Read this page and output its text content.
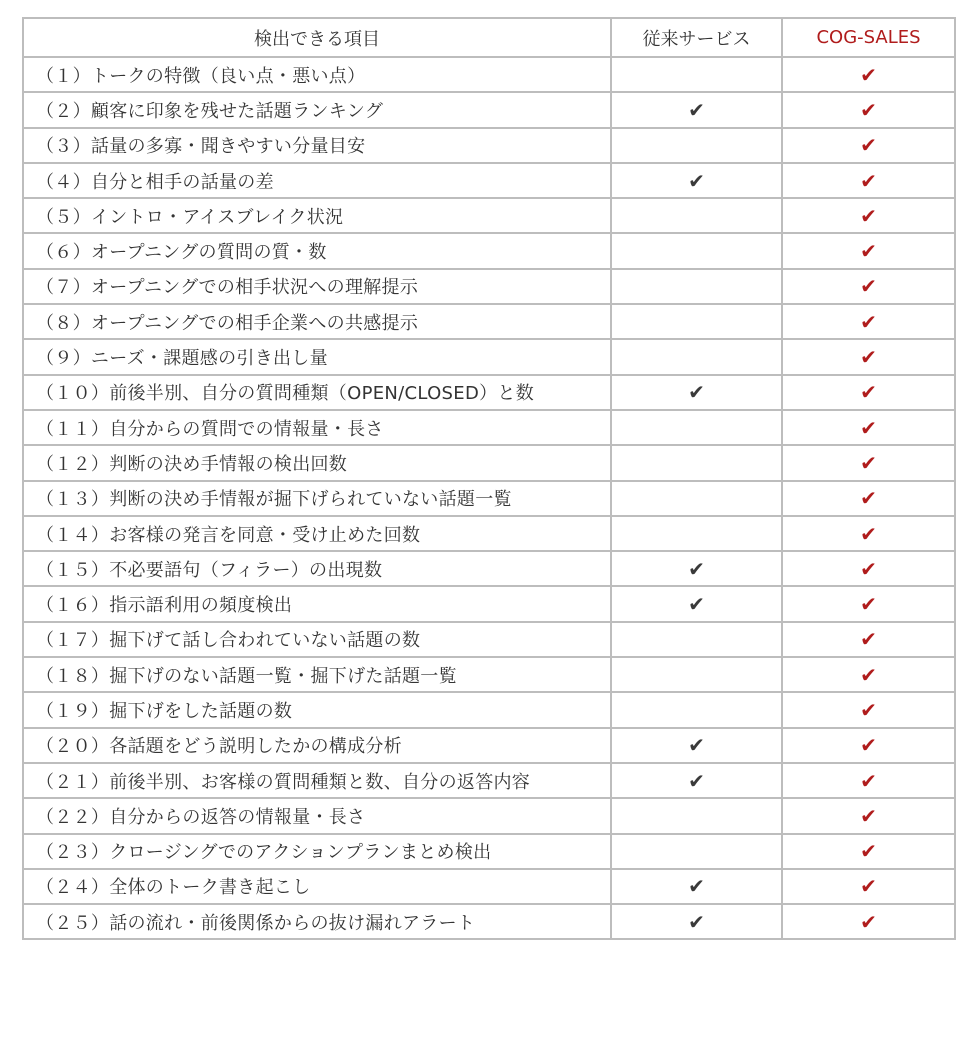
検出できる項目	従来サービス	COG-SALES
（１）トークの特徴（良い点・悪い点）		✔
（２）顧客に印象を残せた話題ランキング	✔	✔
（３）話量の多寡・聞きやすい分量目安		✔
（４）自分と相手の話量の差	✔	✔
（５）イントロ・アイスブレイク状況		✔
（６）オープニングの質問の質・数		✔
（７）オープニングでの相手状況への理解提示		✔
（８）オープニングでの相手企業への共感提示		✔
（９）ニーズ・課題感の引き出し量		✔
（１０）前後半別、自分の質問種類（OPEN/CLOSED）と数	✔	✔
（１１）自分からの質問での情報量・長さ		✔
（１２）判断の決め手情報の検出回数		✔
（１３）判断の決め手情報が掘下げられていない話題一覧		✔
（１４）お客様の発言を同意・受け止めた回数		✔
（１５）不必要語句（フィラー）の出現数	✔	✔
（１６）指示語利用の頻度検出	✔	✔
（１７）掘下げて話し合われていない話題の数		✔
（１８）掘下げのない話題一覧・掘下げた話題一覧		✔
（１９）掘下げをした話題の数		✔
（２０）各話題をどう説明したかの構成分析	✔	✔
（２１）前後半別、お客様の質問種類と数、自分の返答内容	✔	✔
（２２）自分からの返答の情報量・長さ		✔
（２３）クロージングでのアクションプランまとめ検出		✔
（２４）全体のトーク書き起こし	✔	✔
（２５）話の流れ・前後関係からの抜け漏れアラート	✔	✔
